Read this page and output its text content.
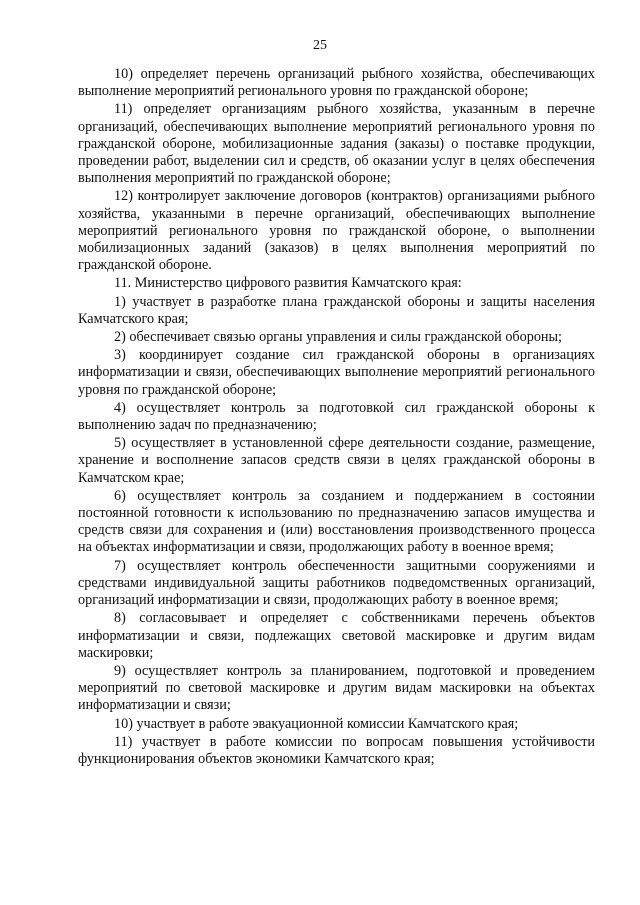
25

10) определяет перечень организаций рыбного хозяйства, обеспечивающих выполнение мероприятий регионального уровня по гражданской обороне;

11) определяет организациям рыбного хозяйства, указанным в перечне организаций, обеспечивающих выполнение мероприятий регионального уровня по гражданской обороне, мобилизационные задания (заказы) о поставке продукции, проведении работ, выделении сил и средств, об оказании услуг в целях обеспечения выполнения мероприятий по гражданской обороне;

12) контролирует заключение договоров (контрактов) организациями рыбного хозяйства, указанными в перечне организаций, обеспечивающих выполнение мероприятий регионального уровня по гражданской обороне, о выполнении мобилизационных заданий (заказов) в целях выполнения мероприятий по гражданской обороне.

11. Министерство цифрового развития Камчатского края:

1) участвует в разработке плана гражданской обороны и защиты населения Камчатского края;

2) обеспечивает связью органы управления и силы гражданской обороны;

3) координирует создание сил гражданской обороны в организациях информатизации и связи, обеспечивающих выполнение мероприятий регионального уровня по гражданской обороне;

4) осуществляет контроль за подготовкой сил гражданской обороны к выполнению задач по предназначению;

5) осуществляет в установленной сфере деятельности создание, размещение, хранение и восполнение запасов средств связи в целях гражданской обороны в Камчатском крае;

6) осуществляет контроль за созданием и поддержанием в состоянии постоянной готовности к использованию по предназначению запасов имущества и средств связи для сохранения и (или) восстановления производственного процесса на объектах информатизации и связи, продолжающих работу в военное время;

7) осуществляет контроль обеспеченности защитными сооружениями и средствами индивидуальной защиты работников подведомственных организаций, организаций информатизации и связи, продолжающих работу в военное время;

8) согласовывает и определяет с собственниками перечень объектов информатизации и связи, подлежащих световой маскировке и другим видам маскировки;

9) осуществляет контроль за планированием, подготовкой и проведением мероприятий по световой маскировке и другим видам маскировки на объектах информатизации и связи;

10) участвует в работе эвакуационной комиссии Камчатского края;

11) участвует в работе комиссии по вопросам повышения устойчивости функционирования объектов экономики Камчатского края;
